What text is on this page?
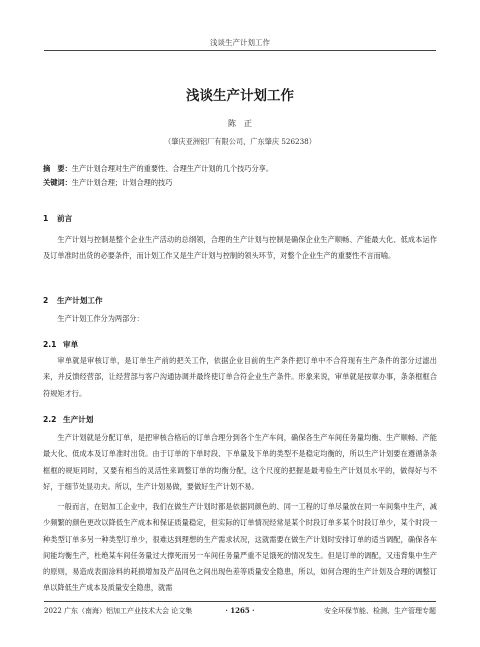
浅谈生产计划工作
浅谈生产计划工作
陈　正
（肇庆亚洲铝厂有限公司，广东肇庆 526238）
摘　要：生产计划合理对生产的重要性、合理生产计划的几个技巧分享。
关键词：生产计划合理；计划合理的技巧
1 前言
生产计划与控制是整个企业生产活动的总纲领，合理的生产计划与控制是确保企业生产顺畅、产能最大化、低成本运作及订单准时出货的必要条件，而计划工作又是生产计划与控制的领头环节，对整个企业生产的重要性不言而喻。
2 生产计划工作
生产计划工作分为两部分：
2.1 审单
审单就是审核订单，是订单生产前的把关工作，依据企业目前的生产条件把订单中不合符现有生产条件的部分过滤出来，并反馈经营部，让经营部与客户沟通协调并最终使订单合符企业生产条件。形象来说，审单就是按章办事，条条框框合符规矩才行。
2.2 生产计划
生产计划就是分配订单，是把审核合格后的订单合理分到各个生产车间，确保各生产车间任务量均衡、生产顺畅、产能最大化、低成本及订单准时出货。由于订单的下单时段、下单量及下单的类型不是稳定均衡的，所以生产计划要在遵循条条框框的规矩同时，又要有相当的灵活性来调整订单的均衡分配，这个尺度的把握是最考验生产计划员水平的，做得好与不好，于细节处显功夫。所以，生产计划易做，要做好生产计划不易。
一般而言，在铝加工企业中，我们在做生产计划时都是依据同颜色的、同一工程的订单尽量放在同一车间集中生产，减少频繁的颜色更改以降低生产成本和保证质量稳定，但实际的订单情况经常是某个时段订单多某个时段订单少，某个时段一种类型订单多另一种类型订单少，很难达到理想的生产需求状况，这就需要在做生产计划时安排订单的适当调配，确保各车间能均衡生产，杜绝某车间任务量过大撑死而另一车间任务量严重不足饿死的情况发生。但是订单的调配，又违背集中生产的原则，易造成表面涂料的耗损增加及产品同色之间出现色差等质量安全隐患，所以，如何合理的生产计划及合理的调整订单以降低生产成本及质量安全隐患，就需
2022 广东（南海）铝加工产业技术大会 论文集	· 1265 ·	安全环保节能、检测、生产管理专题
